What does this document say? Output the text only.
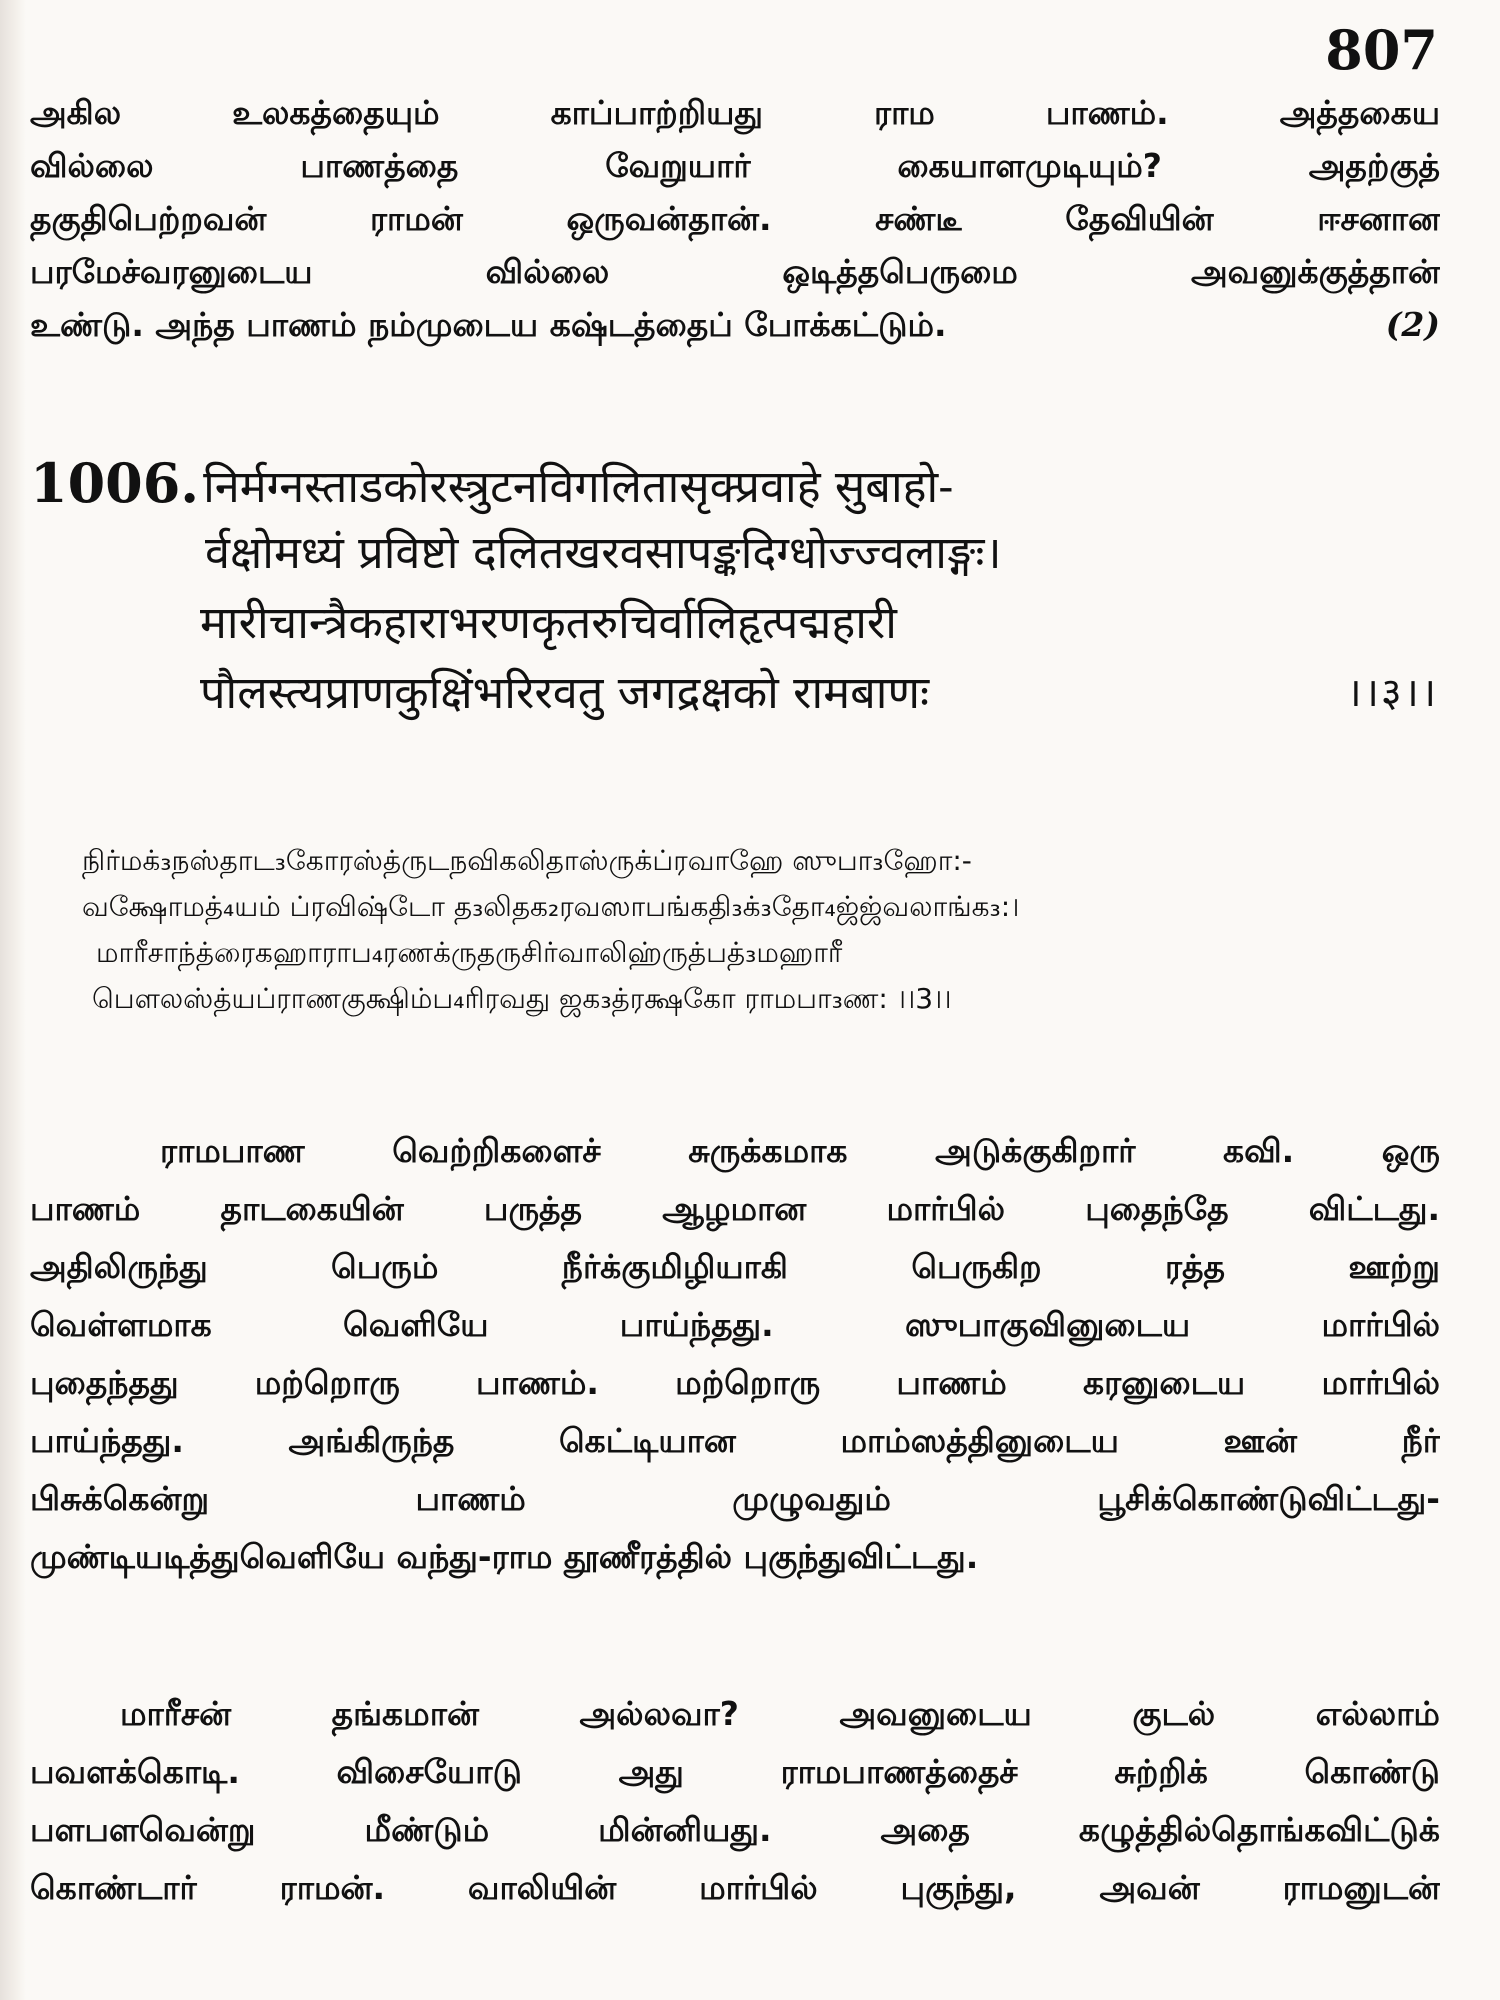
807

அகில உலகத்தையும் காப்பாற்றியது ராம பாணம். அத்தகைய

வில்லை பாணத்தை வேறுயார் கையாளமுடியும்? அதற்குத்

தகுதிபெற்றவன் ராமன் ஒருவன்தான். சண்டீ தேவியின் ஈசனான

பரமேச்வரனுடைய வில்லை ஒடித்தபெருமை அவனுக்குத்தான்

(2)
உண்டு. அந்த பாணம் நம்முடைய கஷ்டத்தைப் போக்கட்டும்.

1006.निर्मग्नस्ताडकोरस्त्रुटनविगलितासृक्प्रवाहे सुबाहो-
र्वक्षोमध्यं प्रविष्टो दलितखरवसापङ्कदिग्धोज्ज्वलाङ्गः।
मारीचान्त्रैकहाराभरणकृतरुचिर्वालिहृत्पद्महारी
।।३।।
पौलस्त्यप्राणकुक्षिंभरिरवतु जगद्रक्षको रामबाणः
நிர்மக்₃நஸ்தாட₃கோரஸ்த்ருடநவிகலிதாஸ்ருக்ப்ரவாஹே ஸுபா₃ஹோ:-
வக்ஷோமத்₄யம் ப்ரவிஷ்டோ த₃லிதக₂ரவஸாபங்கதி₃க்₃தோ₄ஜ்ஜ்வலாங்க₃:।
மாரீசாந்த்ரைகஹாராப₄ரணக்ருதருசிர்வாலிஹ்ருத்பத்₃மஹாரீ
பௌலஸ்த்யப்ராணகுக்ஷிம்ப₄ரிரவது ஜக₃த்ரக்ஷகோ ராமபா₃ண: ।।3।।

ராமபாண வெற்றிகளைச் சுருக்கமாக அடுக்குகிறார் கவி. ஒரு

பாணம் தாடகையின் பருத்த ஆழமான மார்பில் புதைந்தே விட்டது.

அதிலிருந்து பெரும் நீர்க்குமிழியாகி பெருகிற ரத்த ஊற்று

வெள்ளமாக வெளியே பாய்ந்தது. ஸுபாகுவினுடைய மார்பில்

புதைந்தது மற்றொரு பாணம். மற்றொரு பாணம் கரனுடைய மார்பில்

பாய்ந்தது. அங்கிருந்த கெட்டியான மாம்ஸத்தினுடைய ஊன் நீர்

பிசுக்கென்று பாணம் முழுவதும் பூசிக்கொண்டுவிட்டது-

முண்டியடித்துவெளியே வந்து-ராம தூணீரத்தில் புகுந்துவிட்டது.

மாரீசன் தங்கமான் அல்லவா? அவனுடைய குடல் எல்லாம்

பவளக்கொடி. விசையோடு அது ராமபாணத்தைச் சுற்றிக் கொண்டு

பளபளவென்று மீண்டும் மின்னியது. அதை கழுத்தில்தொங்கவிட்டுக்

கொண்டார் ராமன். வாலியின் மார்பில் புகுந்து, அவன் ராமனுடன்
